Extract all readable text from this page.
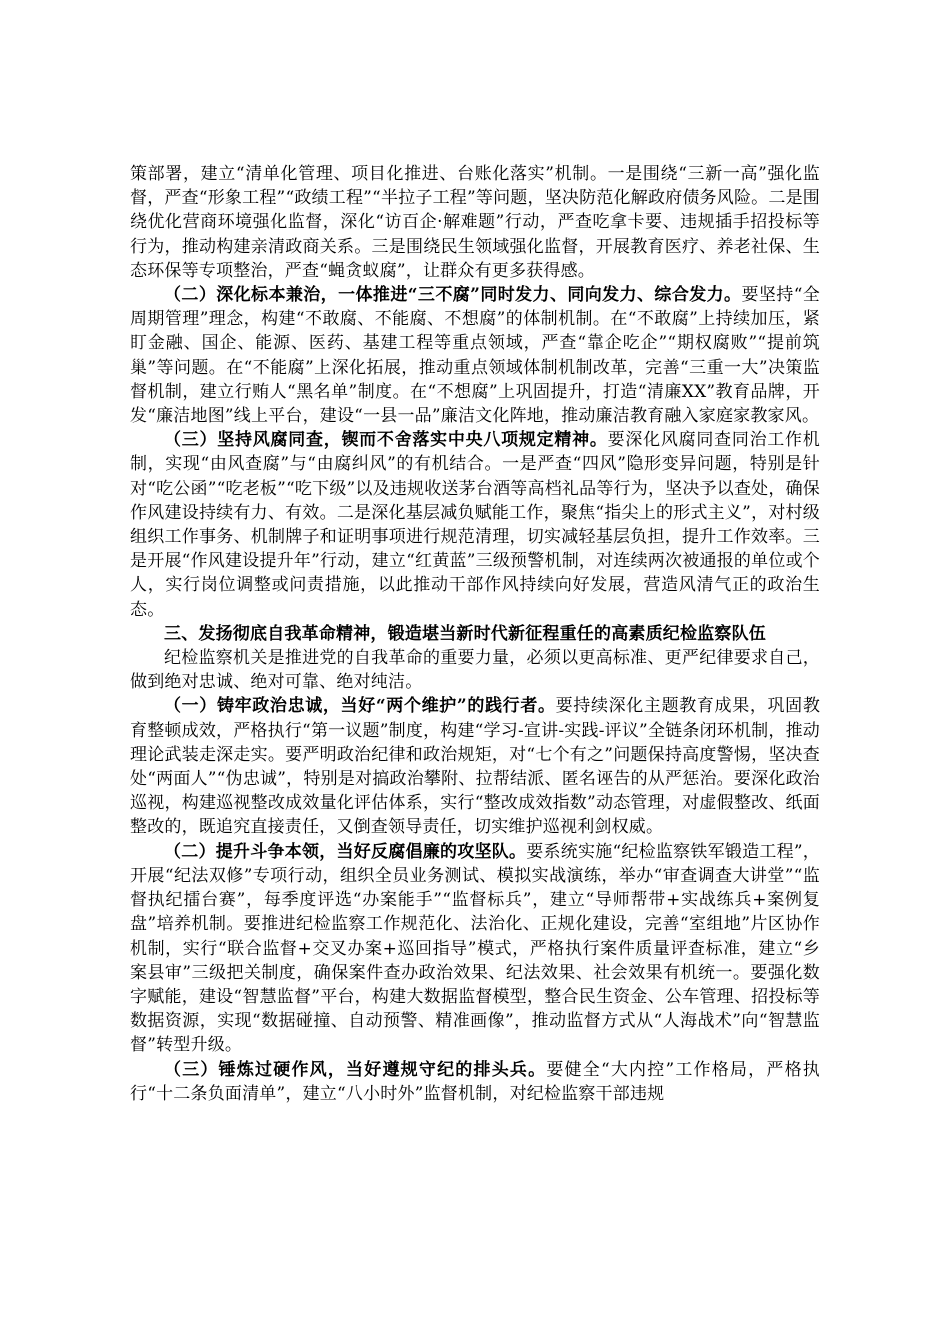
策部署，建立“清单化管理、项目化推进、台账化落实”机制。一是围绕“三新一高”强化监督，严查“形象工程”“政绩工程”“半拉子工程”等问题，坚决防范化解政府债务风险。二是围绕优化营商环境强化监督，深化“访百企·解难题”行动，严查吃拿卡要、违规插手招投标等行为，推动构建亲清政商关系。三是围绕民生领域强化监督，开展教育医疗、养老社保、生态环保等专项整治，严查“蝇贪蚁腐”，让群众有更多获得感。

（二）深化标本兼治，一体推进“三不腐”同时发力、同向发力、综合发力。要坚持“全周期管理”理念，构建“不敢腐、不能腐、不想腐”的体制机制。在“不敢腐”上持续加压，紧盯金融、国企、能源、医药、基建工程等重点领域，严查“靠企吃企”“期权腐败”“提前筑巢”等问题。在“不能腐”上深化拓展，推动重点领域体制机制改革，完善“三重一大”决策监督机制，建立行贿人“黑名单”制度。在“不想腐”上巩固提升，打造“清廉XX”教育品牌，开发“廉洁地图”线上平台，建设“一县一品”廉洁文化阵地，推动廉洁教育融入家庭家教家风。

（三）坚持风腐同查，锲而不舍落实中央八项规定精神。要深化风腐同查同治工作机制，实现“由风查腐”与“由腐纠风”的有机结合。一是严查“四风”隐形变异问题，特别是针对“吃公函”“吃老板”“吃下级”以及违规收送茅台酒等高档礼品等行为，坚决予以查处，确保作风建设持续有力、有效。二是深化基层减负赋能工作，聚焦“指尖上的形式主义”，对村级组织工作事务、机制牌子和证明事项进行规范清理，切实减轻基层负担，提升工作效率。三是开展“作风建设提升年”行动，建立“红黄蓝”三级预警机制，对连续两次被通报的单位或个人，实行岗位调整或问责措施，以此推动干部作风持续向好发展，营造风清气正的政治生态。

三、发扬彻底自我革命精神，锻造堪当新时代新征程重任的高素质纪检监察队伍

纪检监察机关是推进党的自我革命的重要力量，必须以更高标准、更严纪律要求自己，做到绝对忠诚、绝对可靠、绝对纯洁。

（一）铸牢政治忠诚，当好“两个维护”的践行者。要持续深化主题教育成果，巩固教育整顿成效，严格执行“第一议题”制度，构建“学习-宣讲-实践-评议”全链条闭环机制，推动理论武装走深走实。要严明政治纪律和政治规矩，对“七个有之”问题保持高度警惕，坚决查处“两面人”“伪忠诚”，特别是对搞政治攀附、拉帮结派、匿名诬告的从严惩治。要深化政治巡视，构建巡视整改成效量化评估体系，实行“整改成效指数”动态管理，对虚假整改、纸面整改的，既追究直接责任，又倒查领导责任，切实维护巡视利剑权威。

（二）提升斗争本领，当好反腐倡廉的攻坚队。要系统实施“纪检监察铁军锻造工程”，开展“纪法双修”专项行动，组织全员业务测试、模拟实战演练，举办“审查调查大讲堂”“监督执纪擂台赛”，每季度评选“办案能手”“监督标兵”，建立“导师帮带+实战练兵+案例复盘”培养机制。要推进纪检监察工作规范化、法治化、正规化建设，完善“室组地”片区协作机制，实行“联合监督+交叉办案+巡回指导”模式，严格执行案件质量评查标准，建立“乡案县审”三级把关制度，确保案件查办政治效果、纪法效果、社会效果有机统一。要强化数字赋能，建设“智慧监督”平台，构建大数据监督模型，整合民生资金、公车管理、招投标等数据资源，实现“数据碰撞、自动预警、精准画像”，推动监督方式从“人海战术”向“智慧监督”转型升级。

（三）锤炼过硬作风，当好遵规守纪的排头兵。要健全“大内控”工作格局，严格执行“十二条负面清单”，建立“八小时外”监督机制，对纪检监察干部违规
